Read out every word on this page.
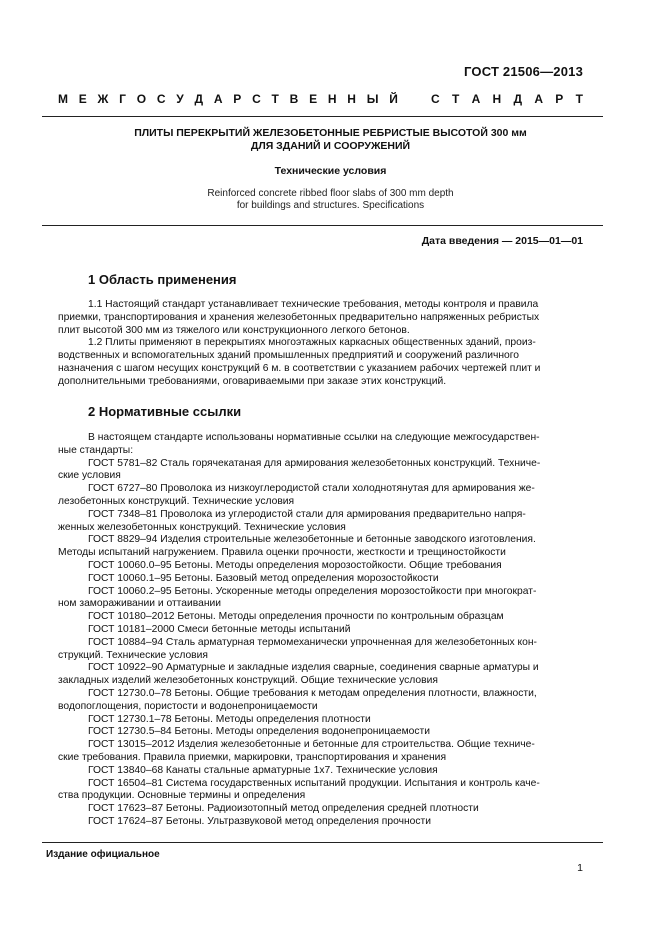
ГОСТ 21506—2013
М Е Ж Г О С У Д А Р С Т В Е Н Н Ы Й	С Т А Н Д А Р Т
ПЛИТЫ ПЕРЕКРЫТИЙ ЖЕЛЕЗОБЕТОННЫЕ РЕБРИСТЫЕ ВЫСОТОЙ 300 мм
ДЛЯ ЗДАНИЙ И СООРУЖЕНИЙ
Технические условия
Reinforced concrete ribbed floor slabs of 300 mm depth
for buildings and structures. Specifications
Дата введения — 2015—01—01
1 Область применения
1.1 Настоящий стандарт устанавливает технические требования, методы контроля и правила
приемки, транспортирования и хранения железобетонных предварительно напряженных ребристых
плит высотой 300 мм из тяжелого или конструкционного легкого бетонов.
1.2 Плиты применяют в перекрытиях многоэтажных каркасных общественных зданий, произ-
водственных и вспомогательных зданий промышленных предприятий и сооружений различного
назначения с шагом несущих конструкций 6 м. в соответствии с указанием рабочих чертежей плит и
дополнительными требованиями, оговариваемыми при заказе этих конструкций.
2 Нормативные ссылки
В настоящем стандарте использованы нормативные ссылки на следующие межгосударствен-
ные стандарты:
ГОСТ 5781–82 Сталь горячекатаная для армирования железобетонных конструкций. Техниче-
ские условия
ГОСТ 6727–80 Проволока из низкоуглеродистой стали холоднотянутая для армирования же-
лезобетонных конструкций. Технические условия
ГОСТ 7348–81 Проволока из углеродистой стали для армирования предварительно напря-
женных железобетонных конструкций. Технические условия
ГОСТ 8829–94 Изделия строительные железобетонные и бетонные заводского изготовления.
Методы испытаний нагружением. Правила оценки прочности, жесткости и трещиностойкости
ГОСТ 10060.0–95 Бетоны. Методы определения морозостойкости. Общие требования
ГОСТ 10060.1–95 Бетоны. Базовый метод определения морозостойкости
ГОСТ 10060.2–95 Бетоны. Ускоренные методы определения морозостойкости при многократ-
ном замораживании и оттаивании
ГОСТ 10180–2012 Бетоны. Методы определения прочности по контрольным образцам
ГОСТ 10181–2000 Смеси бетонные методы испытаний
ГОСТ 10884–94 Сталь арматурная термомеханически упрочненная для железобетонных кон-
струкций. Технические условия
ГОСТ 10922–90 Арматурные и закладные изделия сварные, соединения сварные арматуры и
закладных изделий железобетонных конструкций. Общие технические условия
ГОСТ 12730.0–78 Бетоны. Общие требования к методам определения плотности, влажности,
водопоглощения, пористости и водонепроницаемости
ГОСТ 12730.1–78 Бетоны. Методы определения плотности
ГОСТ 12730.5–84 Бетоны. Методы определения водонепроницаемости
ГОСТ 13015–2012 Изделия железобетонные и бетонные для строительства. Общие техниче-
ские требования. Правила приемки, маркировки, транспортирования и хранения
ГОСТ 13840–68 Канаты стальные арматурные 1х7. Технические условия
ГОСТ 16504–81 Система государственных испытаний продукции. Испытания и контроль каче-
ства продукции. Основные термины и определения
ГОСТ 17623–87 Бетоны. Радиоизотопный метод определения средней плотности
ГОСТ 17624–87 Бетоны. Ультразвуковой метод определения прочности
Издание официальное
1
